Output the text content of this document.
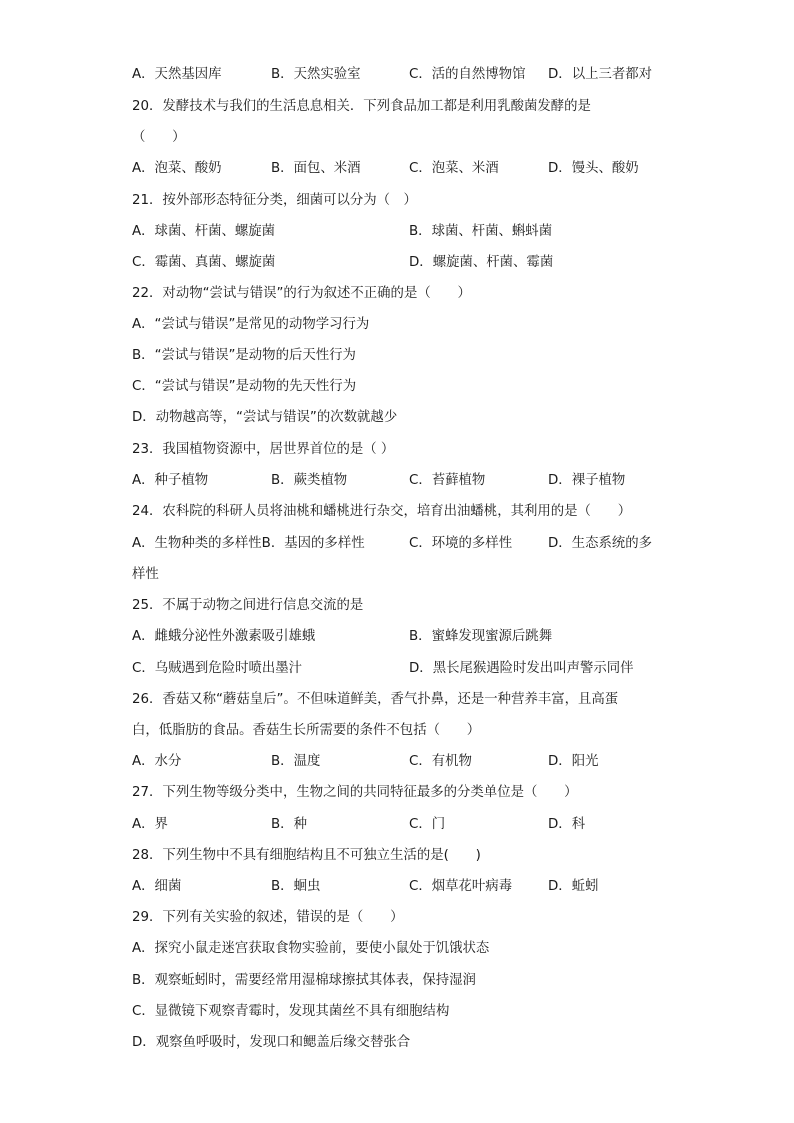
A．天然基因库	B．天然实验室	C．活的自然博物馆 D．以上三者都对
20．发酵技术与我们的生活息息相关．下列食品加工都是利用乳酸菌发酵的是
（　　）
A．泡菜、酸奶	B．面包、米酒	C．泡菜、米酒	D．馒头、酸奶
21．按外部形态特征分类，细菌可以分为（　）
A．球菌、杆菌、螺旋菌	B．球菌、杆菌、蝌蚪菌
C．霉菌、真菌、螺旋菌	D．螺旋菌、杆菌、霉菌
22．对动物“尝试与错误”的行为叙述不正确的是（　　）
A．“尝试与错误”是常见的动物学习行为
B．“尝试与错误”是动物的后天性行为
C．“尝试与错误”是动物的先天性行为
D．动物越高等，“尝试与错误”的次数就越少
23．我国植物资源中，居世界首位的是（ ）
A．种子植物	B．蕨类植物	C．苔藓植物	D．裸子植物
24．农科院的科研人员将油桃和蟠桃进行杂交，培育出油蟠桃，其利用的是（　　）
A．生物种类的多样性B．基因的多样性	C．环境的多样性	D．生态系统的多
样性
25．不属于动物之间进行信息交流的是
A．雌蛾分泌性外激素吸引雄蛾	B．蜜蜂发现蜜源后跳舞
C．乌贼遇到危险时喷出墨汁	D．黑长尾猴遇险时发出叫声警示同伴
26．香菇又称“蘑菇皇后”。不但味道鲜美，香气扑鼻，还是一种营养丰富，且高蛋
白，低脂肪的食品。香菇生长所需要的条件不包括（　　）
A．水分	B．温度	C．有机物	D．阳光
27．下列生物等级分类中，生物之间的共同特征最多的分类单位是（　　）
A．界	B．种	C．门	D．科
28．下列生物中不具有细胞结构且不可独立生活的是(　　)
A．细菌	B．蛔虫	C．烟草花叶病毒	D．蚯蚓
29．下列有关实验的叙述，错误的是（　　）
A．探究小鼠走迷宫获取食物实验前，要使小鼠处于饥饿状态
B．观察蚯蚓时，需要经常用湿棉球擦拭其体表，保持湿润
C．显微镜下观察青霉时，发现其菌丝不具有细胞结构
D．观察鱼呼吸时，发现口和鳃盖后缘交替张合
